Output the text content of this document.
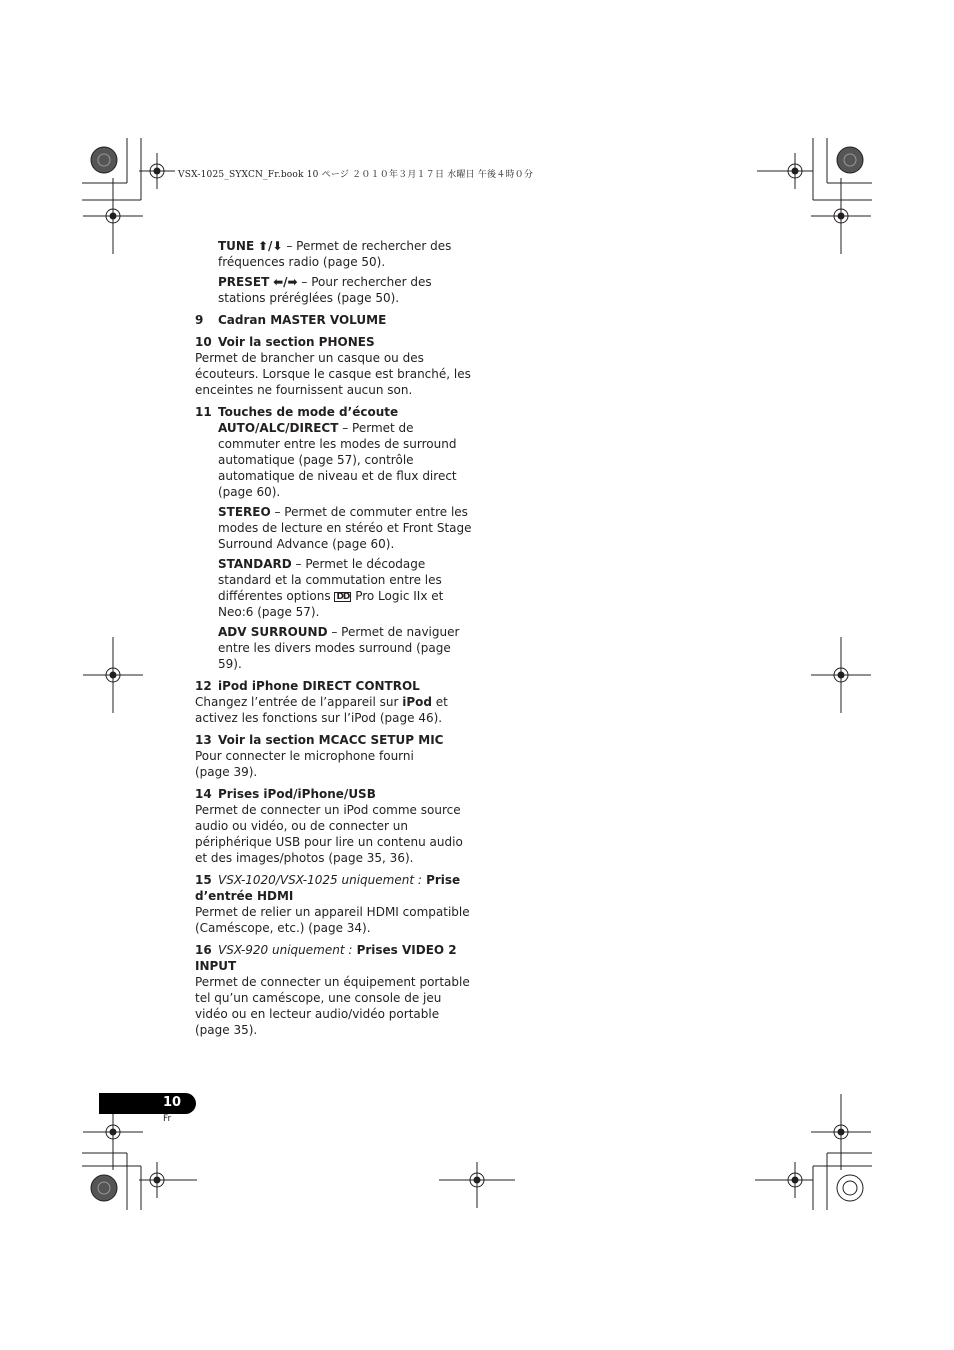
VSX-1025_SYXCN_Fr.book 10 ページ ２０１０年３月１７日 水曜日 午後４時０分

TUNE ⬆/⬇ – Permet de rechercher des fréquences radio (page 50).

PRESET ⬅/➡ – Pour rechercher des stations préréglées (page 50).

9 Cadran MASTER VOLUME

10 Voir la section PHONES

Permet de brancher un casque ou des écouteurs. Lorsque le casque est branché, les enceintes ne fournissent aucun son.

11 Touches de mode d’écoute

AUTO/ALC/DIRECT – Permet de commuter entre les modes de surround automatique (page 57), contrôle automatique de niveau et de flux direct (page 60).

STEREO – Permet de commuter entre les modes de lecture en stéréo et Front Stage Surround Advance (page 60).

STANDARD – Permet le décodage standard et la commutation entre les différentes options DD Pro Logic IIx et Neo:6 (page 57).

ADV SURROUND – Permet de naviguer entre les divers modes surround (page 59).

12 iPod iPhone DIRECT CONTROL

Changez l’entrée de l’appareil sur iPod et activez les fonctions sur l’iPod (page 46).

13 Voir la section MCACC SETUP MIC

Pour connecter le microphone fourni (page 39).

14 Prises iPod/iPhone/USB

Permet de connecter un iPod comme source audio ou vidéo, ou de connecter un périphérique USB pour lire un contenu audio et des images/photos (page 35, 36).

15 VSX-1020/VSX-1025 uniquement : Prise d’entrée HDMI

Permet de relier un appareil HDMI compatible (Caméscope, etc.) (page 34).

16 VSX-920 uniquement : Prises VIDEO 2 INPUT

Permet de connecter un équipement portable tel qu’un caméscope, une console de jeu vidéo ou en lecteur audio/vidéo portable (page 35).

10
Fr
